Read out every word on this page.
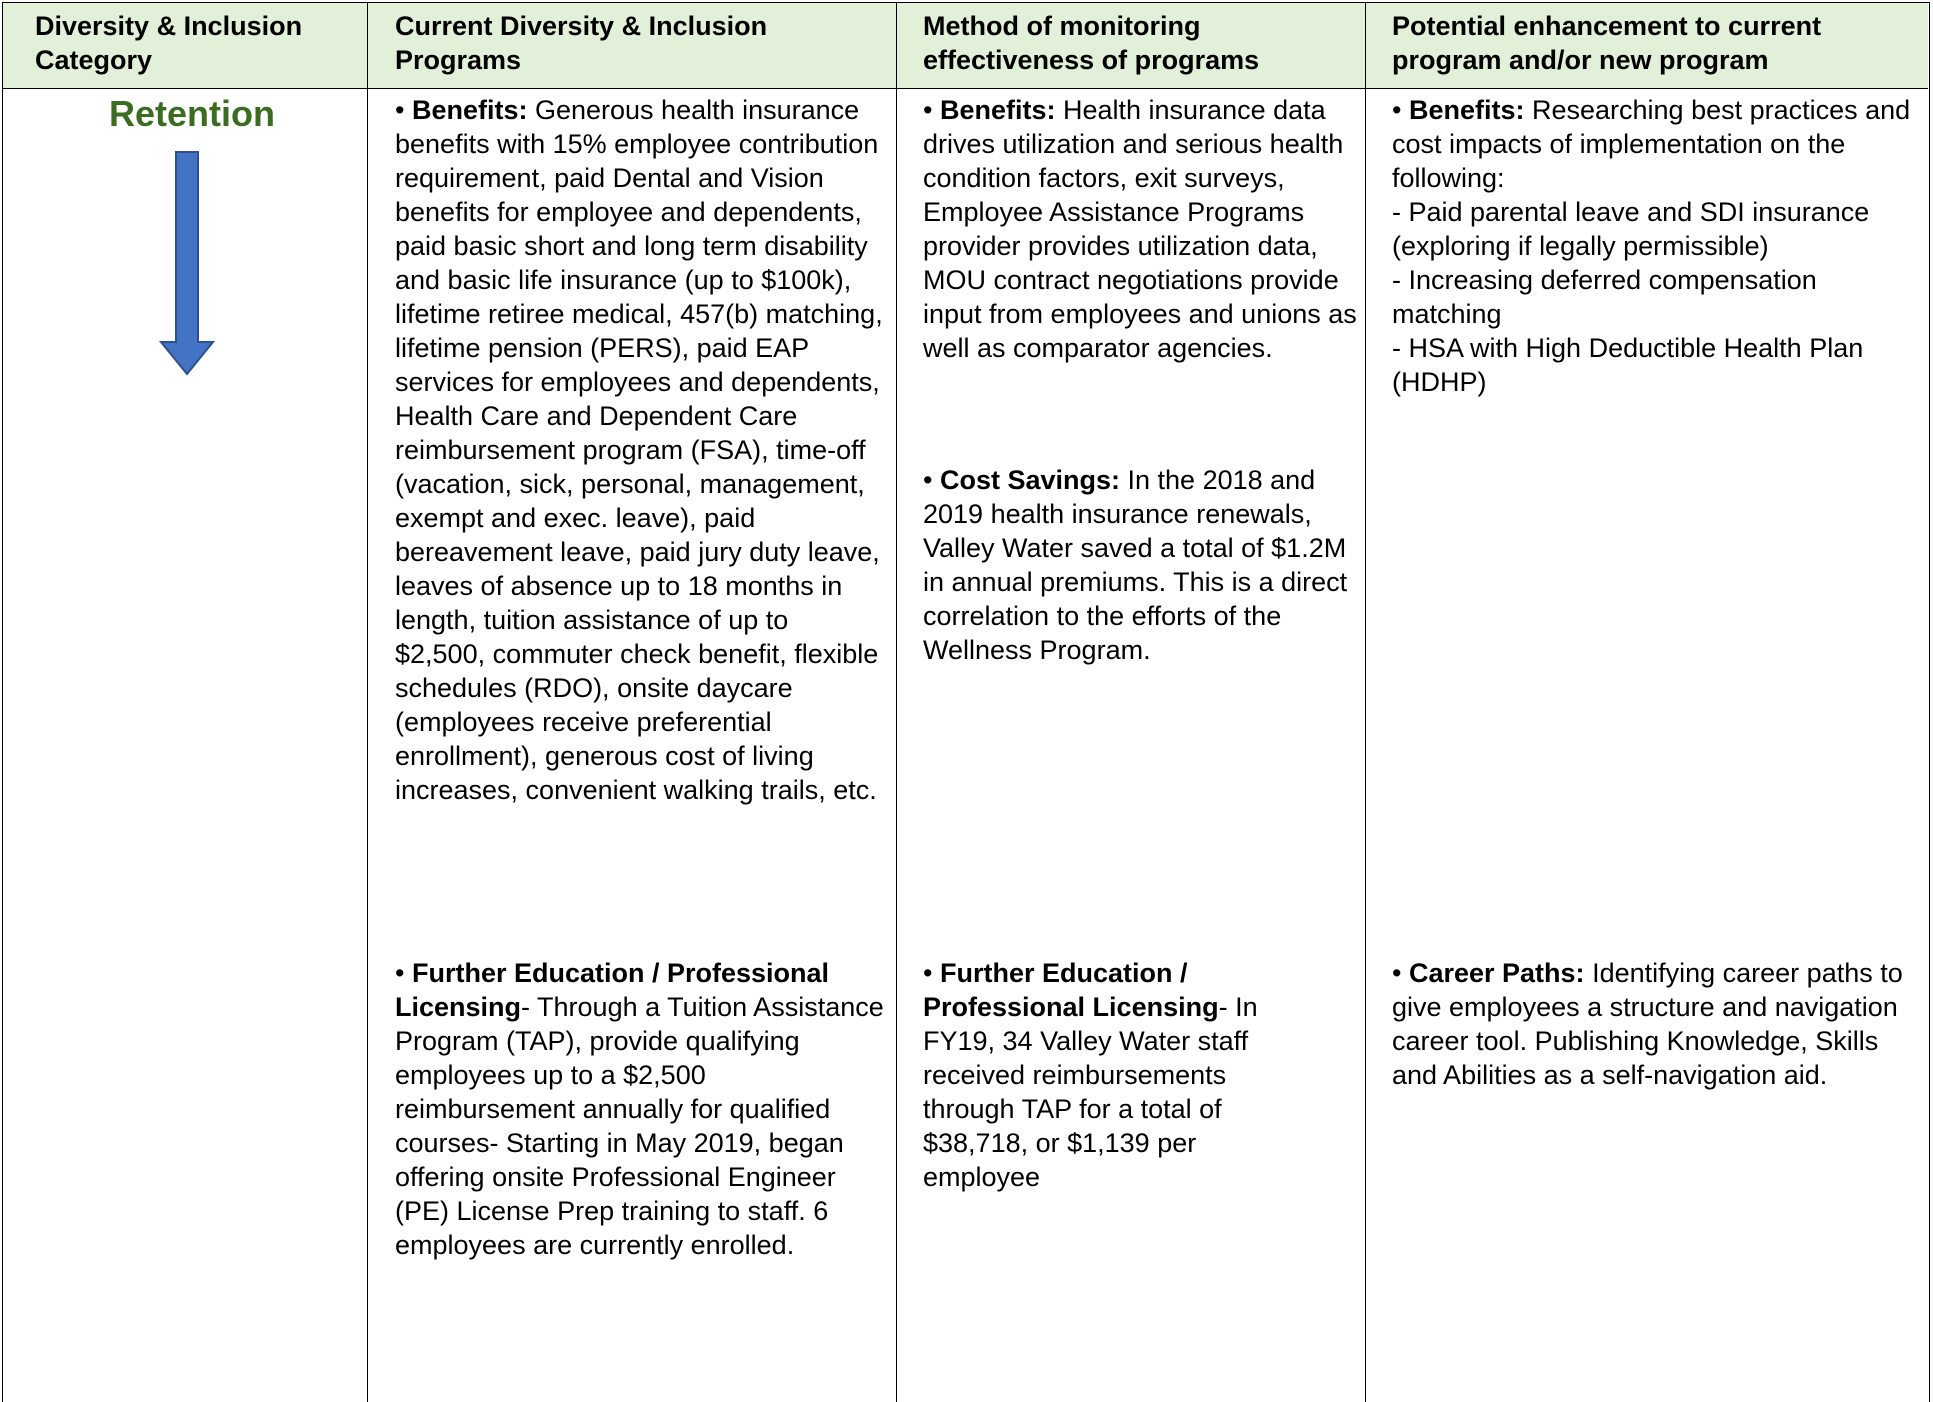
Diversity & Inclusion
Category
Current Diversity & Inclusion
Programs
Method of monitoring
effectiveness of programs
Potential enhancement to current
program and/or new program
Retention	• Benefits: Generous health insurance benefits with 15% employee contribution requirement, paid Dental and Vision benefits for employee and dependents, paid basic short and long term disability and basic life insurance (up to $100k), lifetime retiree medical, 457(b) matching, lifetime pension (PERS), paid EAP services for employees and dependents, Health Care and Dependent Care reimbursement program (FSA), time-off (vacation, sick, personal, management, exempt and exec. leave), paid bereavement leave, paid jury duty leave, leaves of absence up to 18 months in length, tuition assistance of up to $2,500, commuter check benefit, flexible schedules (RDO), onsite daycare (employees receive preferential enrollment), generous cost of living increases, convenient walking trails, etc.
• Further Education / Professional Licensing- Through a Tuition Assistance Program (TAP), provide qualifying employees up to a $2,500 reimbursement annually for qualified courses- Starting in May 2019, began offering onsite Professional Engineer (PE) License Prep training to staff. 6 employees are currently enrolled.
• Benefits: Health insurance data drives utilization and serious health condition factors, exit surveys, Employee Assistance Programs provider provides utilization data, MOU contract negotiations provide input from employees and unions as well as comparator agencies.
• Cost Savings: In the 2018 and 2019 health insurance renewals, Valley Water saved a total of $1.2M in annual premiums. This is a direct correlation to the efforts of the Wellness Program.
• Further Education / Professional Licensing- In FY19, 34 Valley Water staff received reimbursements through TAP for a total of $38,718, or $1,139 per employee
• Benefits: Researching best practices and cost impacts of implementation on the following:
- Paid parental leave and SDI insurance (exploring if legally permissible)
- Increasing deferred compensation matching
- HSA with High Deductible Health Plan (HDHP)
• Career Paths: Identifying career paths to give employees a structure and navigation career tool. Publishing Knowledge, Skills and Abilities as a self-navigation aid.
